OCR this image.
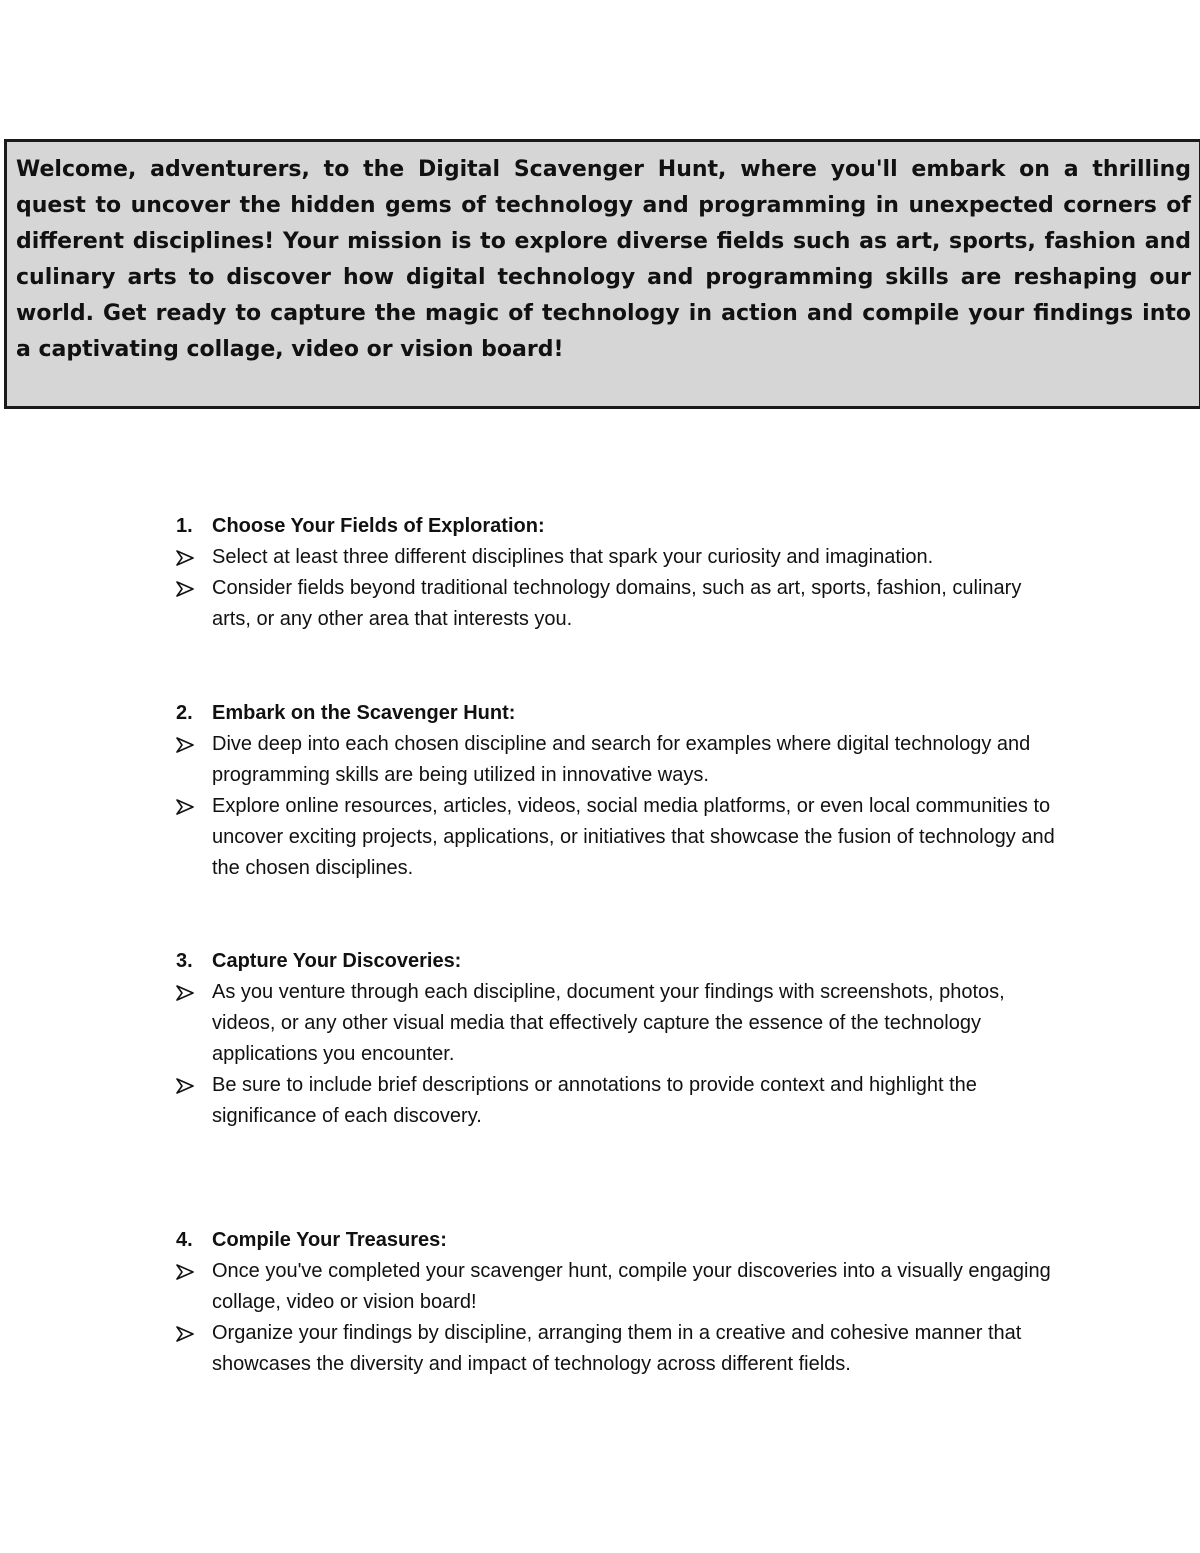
Welcome, adventurers, to the Digital Scavenger Hunt, where you'll embark on a thrilling quest to uncover the hidden gems of technology and programming in unexpected corners of different disciplines! Your mission is to explore diverse fields such as art, sports, fashion and culinary arts to discover how digital technology and programming skills are reshaping our world. Get ready to capture the magic of technology in action and compile your findings into a captivating collage, video or vision board!

1. Choose Your Fields of Exploration:
Select at least three different disciplines that spark your curiosity and imagination.
Consider fields beyond traditional technology domains, such as art, sports, fashion, culinary arts, or any other area that interests you.
2. Embark on the Scavenger Hunt:
Dive deep into each chosen discipline and search for examples where digital technology and programming skills are being utilized in innovative ways.
Explore online resources, articles, videos, social media platforms, or even local communities to uncover exciting projects, applications, or initiatives that showcase the fusion of technology and the chosen disciplines.
3. Capture Your Discoveries:
As you venture through each discipline, document your findings with screenshots, photos, videos, or any other visual media that effectively capture the essence of the technology applications you encounter.
Be sure to include brief descriptions or annotations to provide context and highlight the significance of each discovery.
4. Compile Your Treasures:
Once you've completed your scavenger hunt, compile your discoveries into a visually engaging collage, video or vision board!
Organize your findings by discipline, arranging them in a creative and cohesive manner that showcases the diversity and impact of technology across different fields.
